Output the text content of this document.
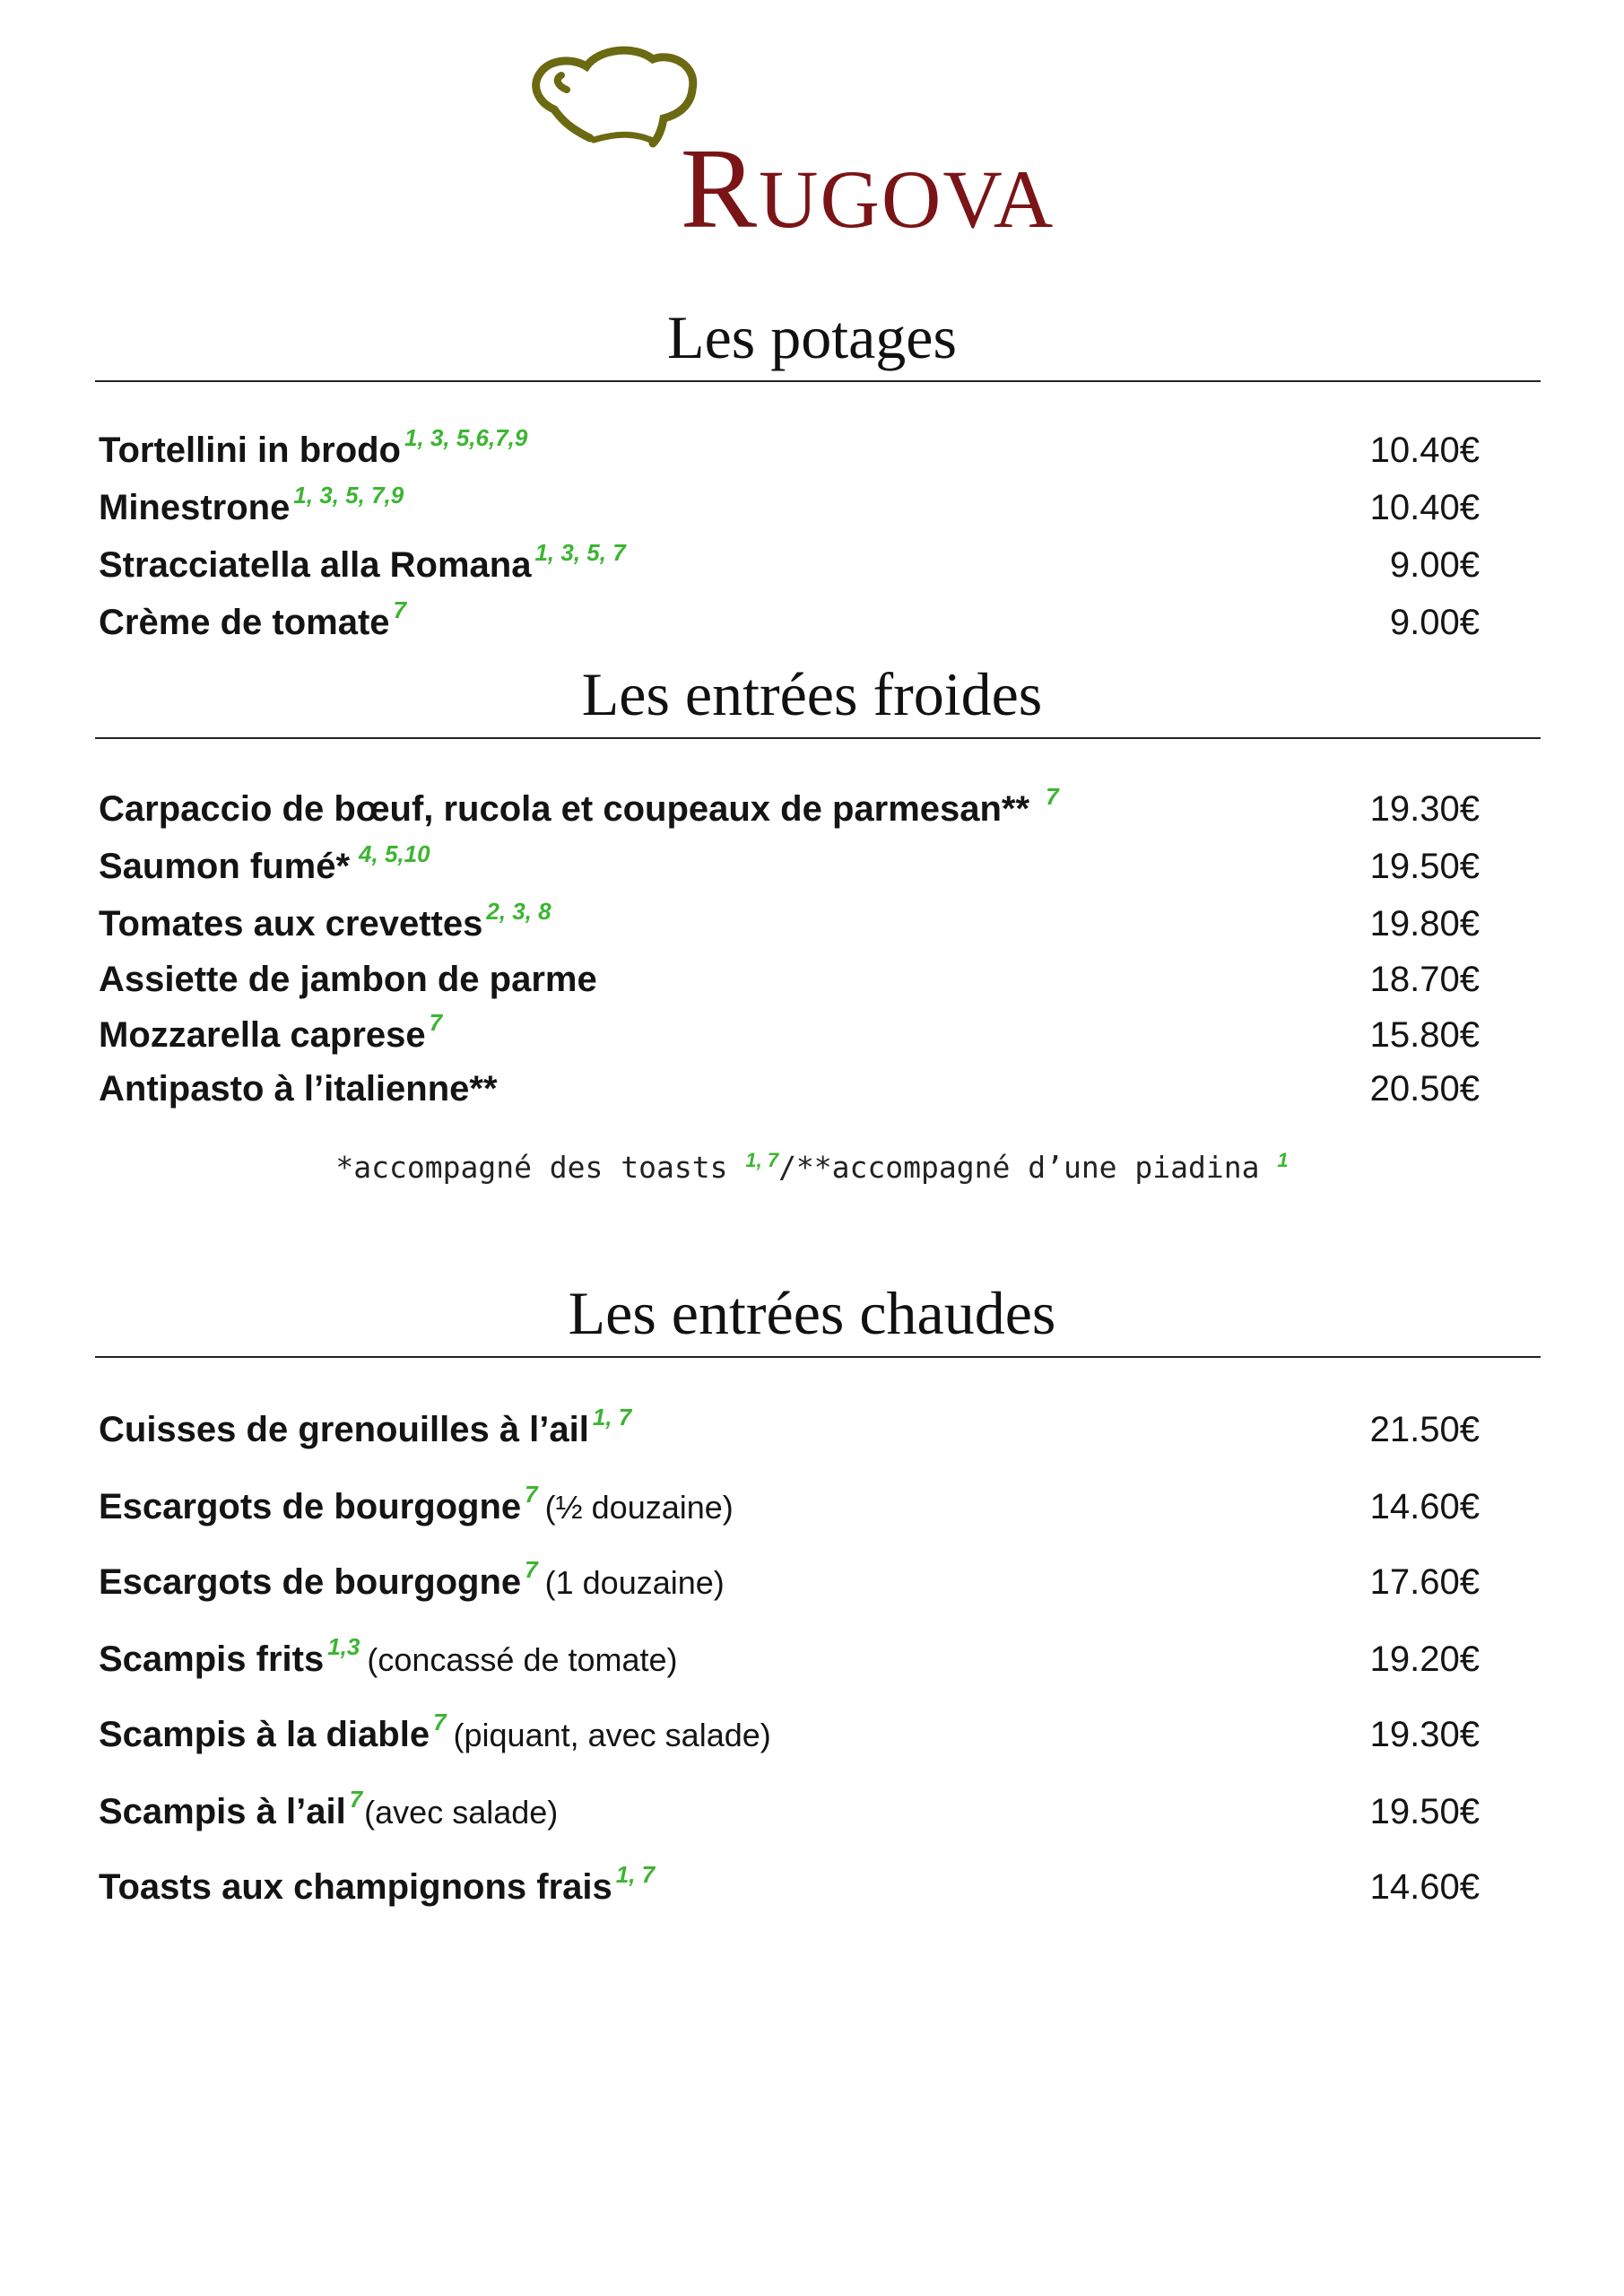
RUGOVA
Les potages
Tortellini in brodo $^{1, 3, 5,6,7,9}$	10.40€
Minestrone $^{1, 3, 5, 7,9}$	10.40€
Stracciatella alla Romana $^{1, 3, 5, 7}$	9.00€
Crème de tomate $^7$	9.00€
Les entrées froides
Carpaccio de bœuf, rucola et coupeaux de parmesan** $^7$	19.30€
Saumon fumé* $^{4, 5,10}$	19.50€
Tomates aux crevettes $^{2, 3, 8}$	19.80€
Assiette de jambon de parme	18.70€
Mozzarella caprese $^7$	15.80€
Antipasto à l’italienne**	20.50€
*accompagné des toasts $^{1, 7}$/**accompagné d’une piadina $^1$
Les entrées chaudes
Cuisses de grenouilles à l’ail $^{1, 7}$	21.50€
Escargots de bourgogne $^7$ (½ douzaine)	14.60€
Escargots de bourgogne $^7$ (1 douzaine)	17.60€
Scampis frits $^{1,3}$ (concassé de tomate)	19.20€
Scampis à la diable $^7$ (piquant, avec salade)	19.30€
Scampis à l’ail $^7$(avec salade)	19.50€
Toasts aux champignons frais $^{1, 7}$	14.60€
